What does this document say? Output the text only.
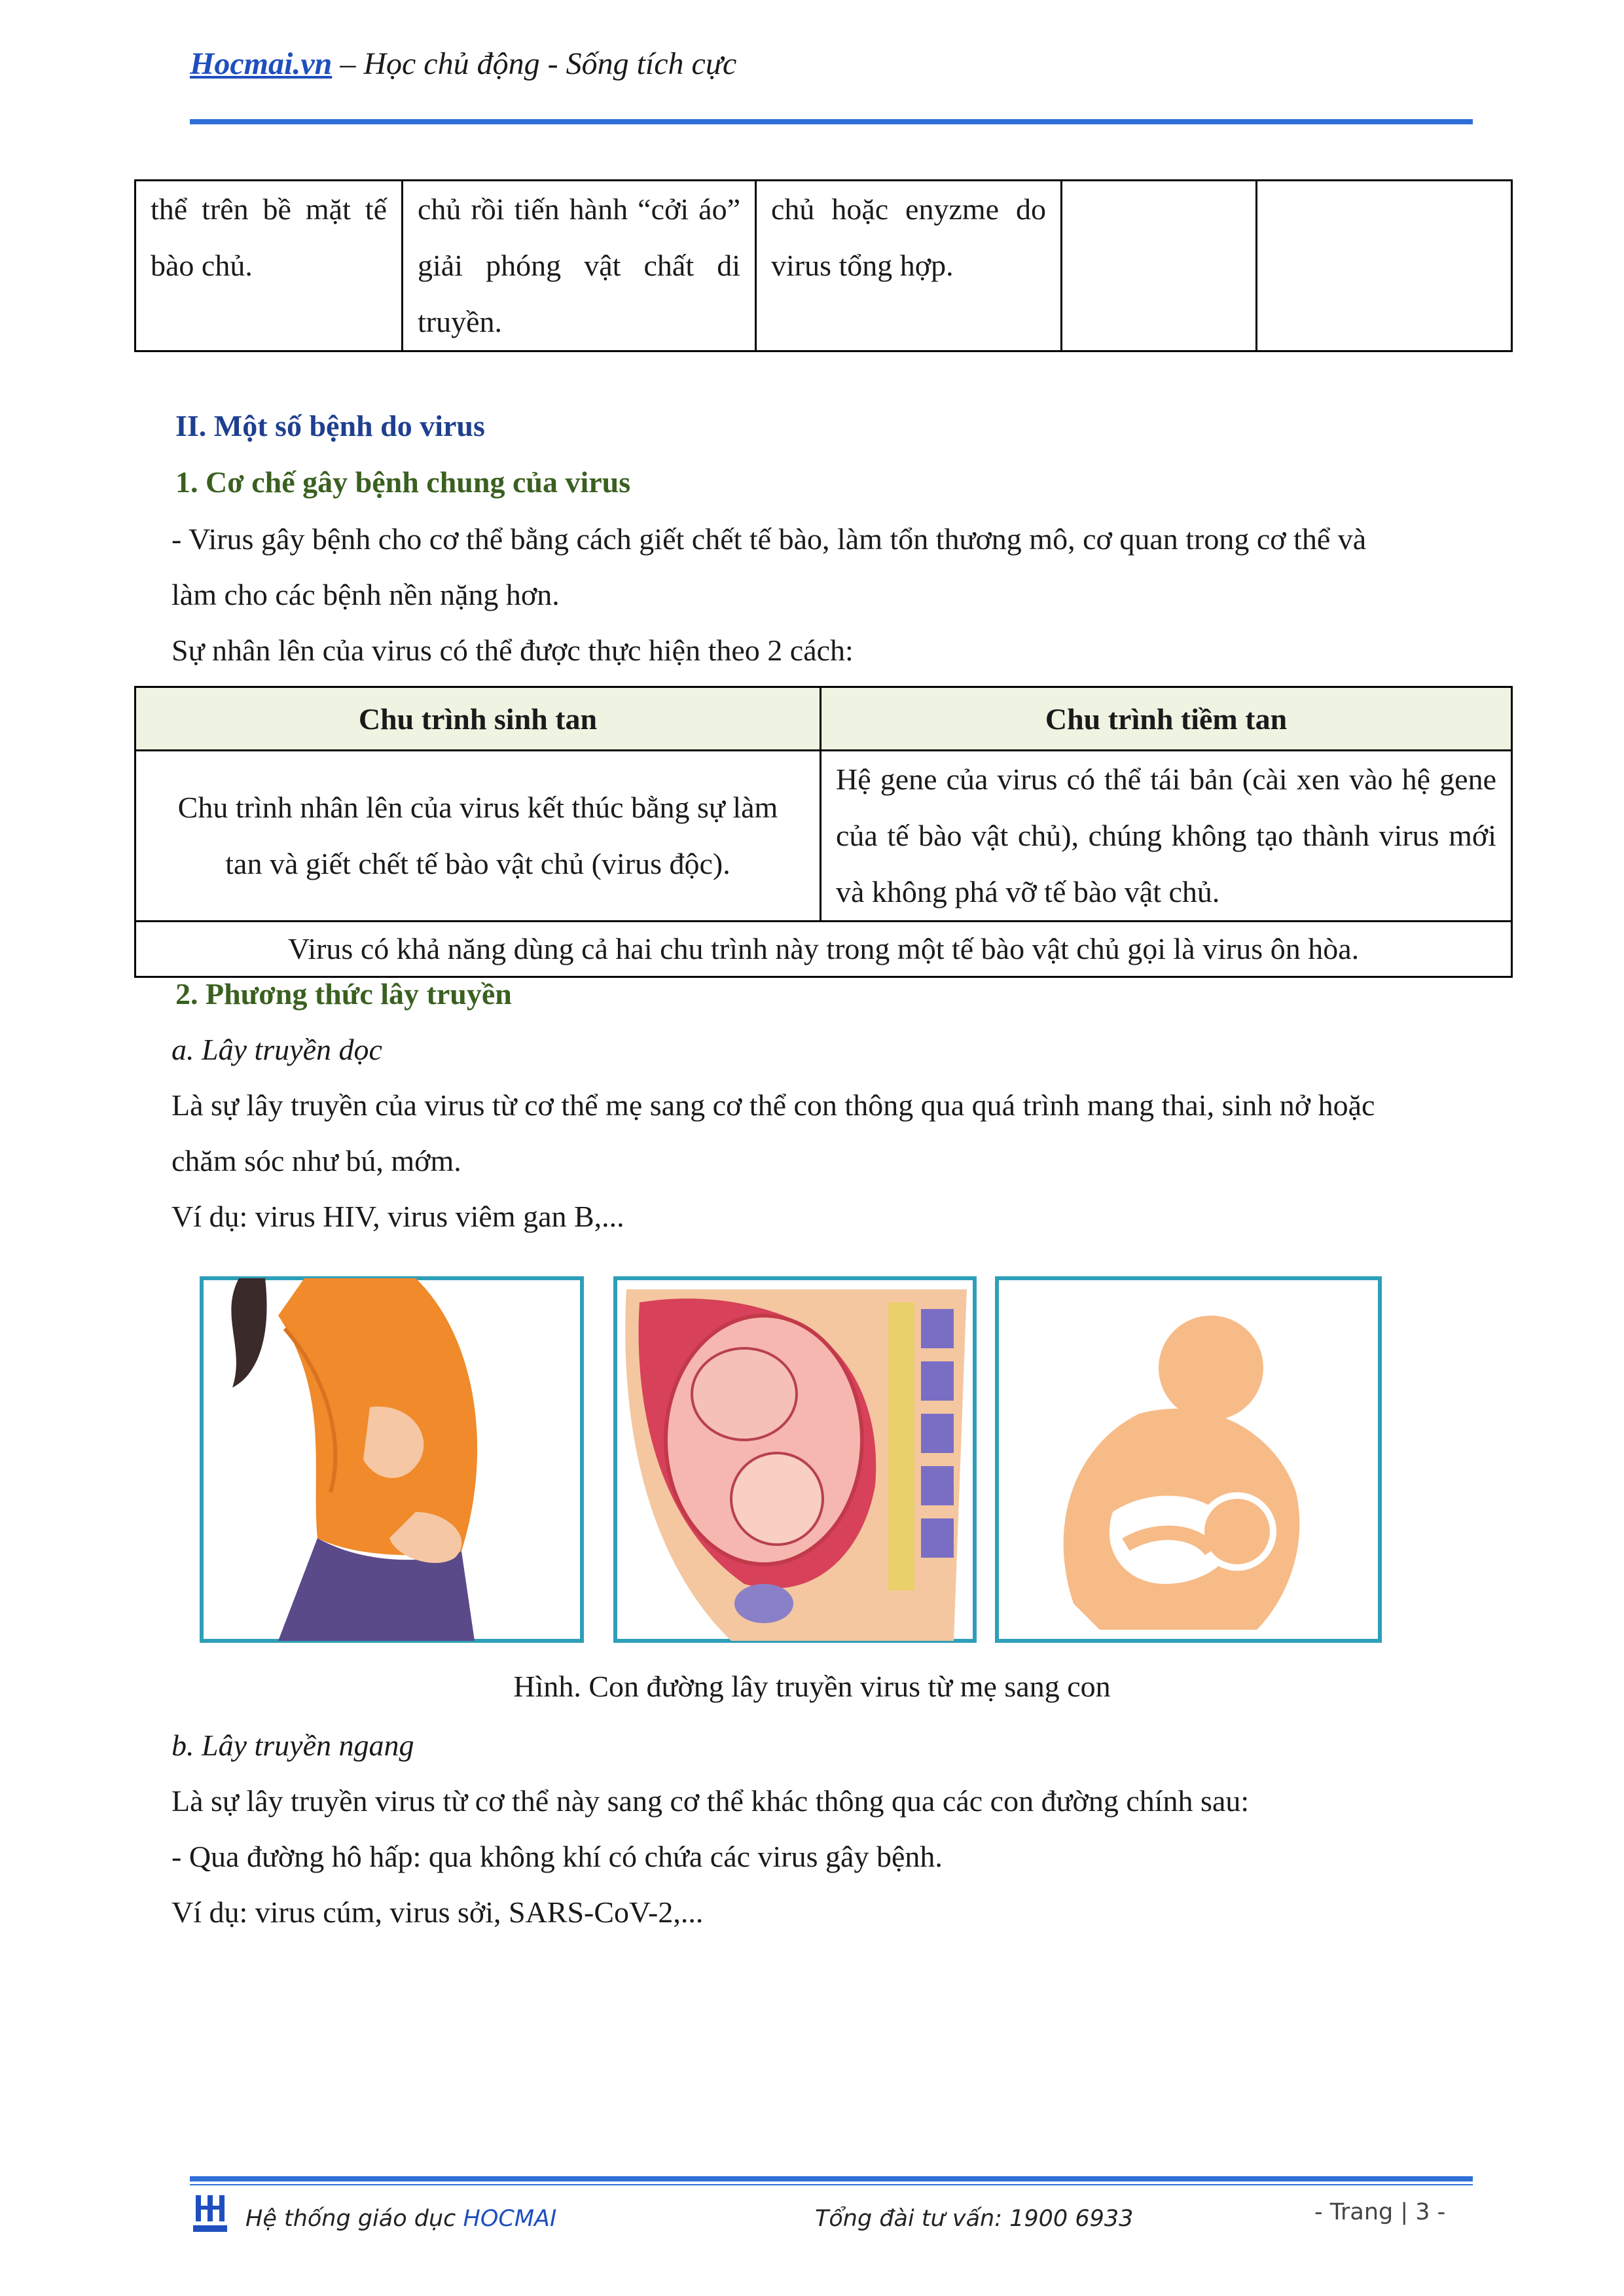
Hocmai.vn – Học chủ động - Sống tích cực
thể trên bề mặt tế bào chủ.	chủ rồi tiến hành “cởi áo” giải phóng vật chất di truyền.	chủ hoặc enyzme do virus tổng hợp.		

II. Một số bệnh do virus

1. Cơ chế gây bệnh chung của virus

- Virus gây bệnh cho cơ thể bằng cách giết chết tế bào, làm tổn thương mô, cơ quan trong cơ thể và

làm cho các bệnh nền nặng hơn.

Sự nhân lên của virus có thể được thực hiện theo 2 cách:

Chu trình sinh tan	Chu trình tiềm tan
Chu trình nhân lên của virus kết thúc bằng sự làm tan và giết chết tế bào vật chủ (virus độc).	Hệ gene của virus có thể tái bản (cài xen vào hệ gene của tế bào vật chủ), chúng không tạo thành virus mới và không phá vỡ tế bào vật chủ.
Virus có khả năng dùng cả hai chu trình này trong một tế bào vật chủ gọi là virus ôn hòa.	

2. Phương thức lây truyền

a. Lây truyền dọc

Là sự lây truyền của virus từ cơ thể mẹ sang cơ thể con thông qua quá trình mang thai, sinh nở hoặc

chăm sóc như bú, mớm.

Ví dụ: virus HIV, virus viêm gan B,...

Hình. Con đường lây truyền virus từ mẹ sang con

b. Lây truyền ngang

Là sự lây truyền virus từ cơ thể này sang cơ thể khác thông qua các con đường chính sau:

- Qua đường hô hấp: qua không khí có chứa các virus gây bệnh.

Ví dụ: virus cúm, virus sởi, SARS-CoV-2,...

Hệ thống giáo dục HOCMAI	Tổng đài tư vấn: 1900 6933	- Trang | 3 -
